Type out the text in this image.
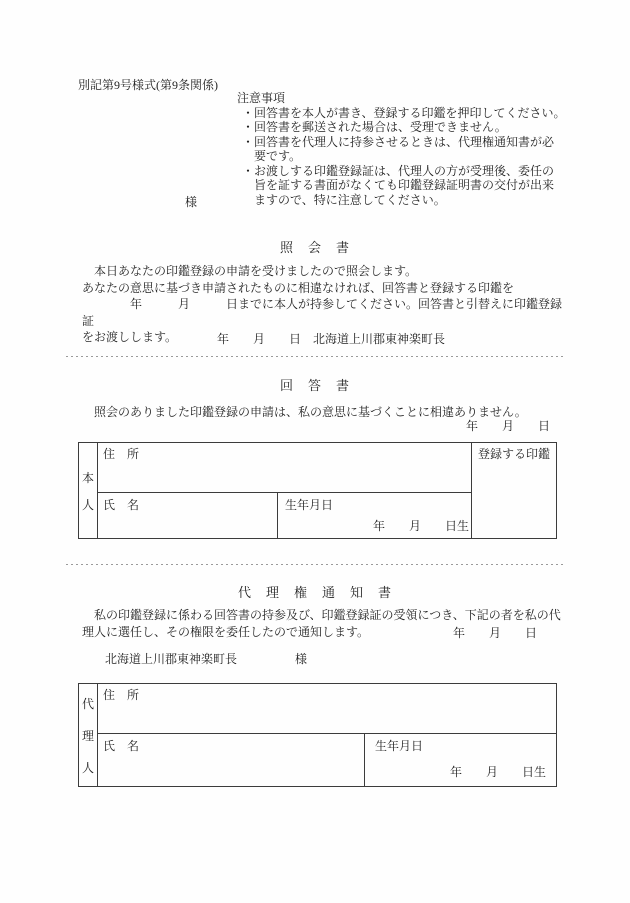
別記第9号様式(第9条関係)
注意事項
・回答書を本人が書き、登録する印鑑を押印してください。
・回答書を郵送された場合は、受理できません。
・回答書を代理人に持参させるときは、代理権通知書が必
　要です。
・お渡しする印鑑登録証は、代理人の方が受理後、委任の
　旨を証する書面がなくても印鑑登録証明書の交付が出来
　ますので、特に注意してください。
様
照　会　書
　本日あなたの印鑑登録の申請を受けましたので照会します。
あなたの意思に基づき申請されたものに相違なければ、回答書と登録する印鑑を
　　　　年　　　月　　　日までに本人が持参してください。回答書と引替えに印鑑登録証
をお渡しします。	年　　月　　日　北海道上川郡東神楽町長
回　答　書
　照会のありました印鑑登録の申請は、私の意思に基づくことに相違ありません。
年　　月　　日
本
人
住　所	登録する印鑑
氏　名	生年月日
年　　月　　日生
代　理　権　通　知　書
　私の印鑑登録に係わる回答書の持参及び、印鑑登録証の受領につき、下記の者を私の代
理人に選任し、その権限を委任したので通知します。	年　　月　　日
北海道上川郡東神楽町長	様
代
理
人
住　所
氏　名	生年月日
年　　月　　日生
